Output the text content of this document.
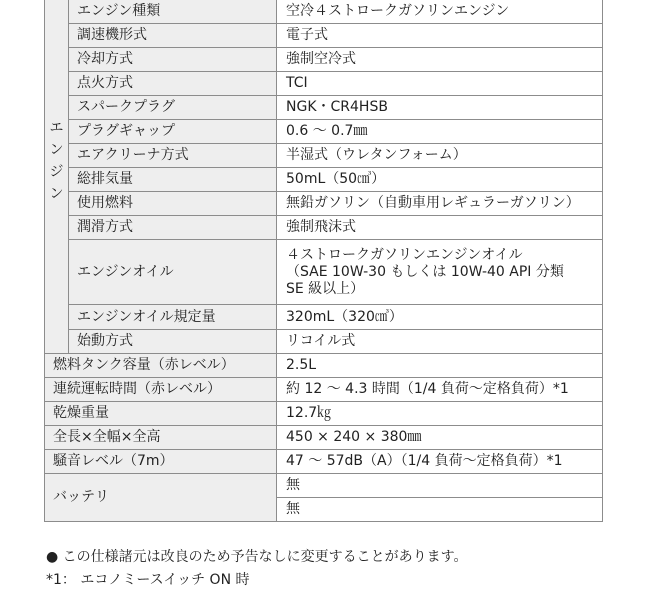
エ
ン
ジ
ン	エンジン種類	空冷４ストロークガソリンエンジン
	調速機形式	電子式
	冷却方式	強制空冷式
	点火方式	TCI
	スパークプラグ	NGK・CR4HSB
	プラグギャップ	0.6 ～ 0.7㎜
	エアクリーナ方式	半湿式（ウレタンフォーム）
	総排気量	50mL（50㎤）
	使用燃料	無鉛ガソリン（自動車用レギュラーガソリン）
	潤滑方式	強制飛沫式
	エンジンオイル	４ストロークガソリンエンジンオイル
（SAE 10W-30 もしくは 10W-40 API 分類
SE 級以上）

	エンジンオイル規定量	320mL（320㎤）
	始動方式	リコイル式
燃料タンク容量（赤レベル）		2.5L
連続運転時間（赤レベル）		約 12 ～ 4.3 時間（1/4 負荷～定格負荷）*1
乾燥重量		12.7㎏
全長×全幅×全高		450 × 240 × 380㎜
騒音レベル（7m）		47 ～ 57dB（A）（1/4 負荷～定格負荷）*1
バッテリ		無
		無
● この仕様諸元は改良のため予告なしに変更することがあります。
*1： エコノミースイッチ ON 時
